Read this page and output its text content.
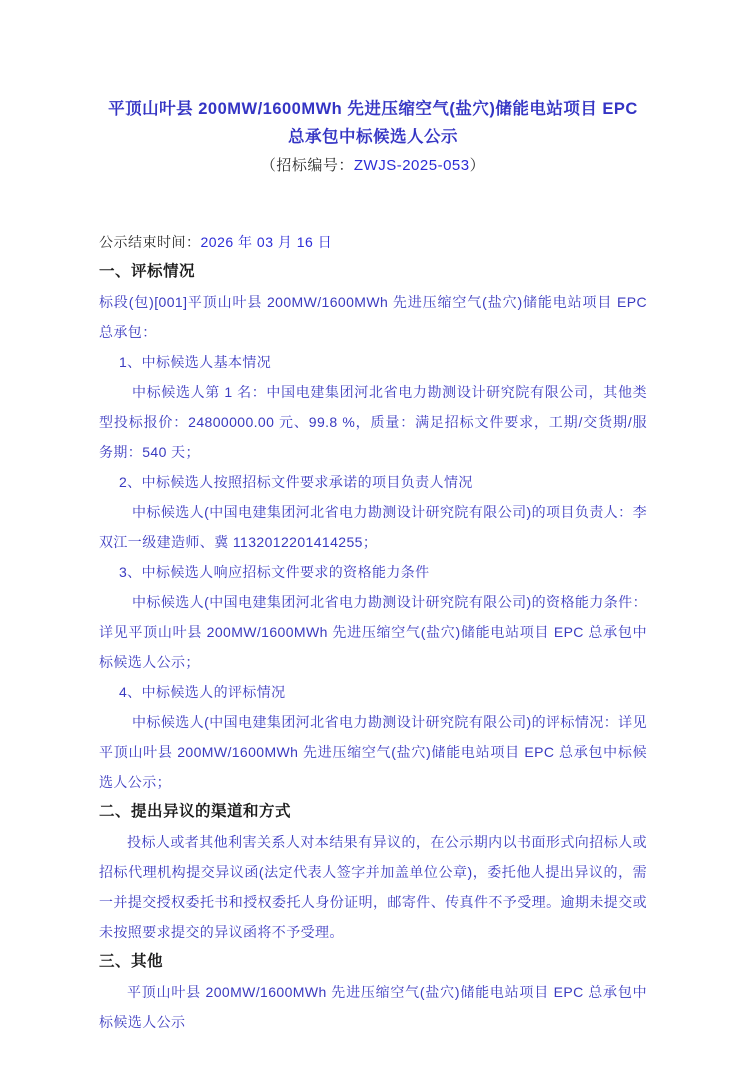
平顶山叶县 200MW/1600MWh 先进压缩空气(盐穴)储能电站项目 EPC 总承包中标候选人公示
（招标编号：ZWJS-2025-053）

公示结束时间：2026 年 03 月 16 日

一、评标情况

标段(包)[001]平顶山叶县 200MW/1600MWh 先进压缩空气(盐穴)储能电站项目 EPC 总承包：

1、中标候选人基本情况

中标候选人第 1 名：中国电建集团河北省电力勘测设计研究院有限公司，其他类型投标报价：24800000.00 元、99.8 %，质量：满足招标文件要求，工期/交货期/服务期：540 天；

2、中标候选人按照招标文件要求承诺的项目负责人情况

中标候选人(中国电建集团河北省电力勘测设计研究院有限公司)的项目负责人：李双江一级建造师、冀 1132012201414255；

3、中标候选人响应招标文件要求的资格能力条件

中标候选人(中国电建集团河北省电力勘测设计研究院有限公司)的资格能力条件：详见平顶山叶县 200MW/1600MWh 先进压缩空气(盐穴)储能电站项目 EPC 总承包中标候选人公示；

4、中标候选人的评标情况

中标候选人(中国电建集团河北省电力勘测设计研究院有限公司)的评标情况：详见平顶山叶县 200MW/1600MWh 先进压缩空气(盐穴)储能电站项目 EPC 总承包中标候选人公示；

二、提出异议的渠道和方式

投标人或者其他利害关系人对本结果有异议的，在公示期内以书面形式向招标人或招标代理机构提交异议函(法定代表人签字并加盖单位公章)，委托他人提出异议的，需一并提交授权委托书和授权委托人身份证明，邮寄件、传真件不予受理。逾期未提交或未按照要求提交的异议函将不予受理。

三、其他

平顶山叶县 200MW/1600MWh 先进压缩空气(盐穴)储能电站项目 EPC 总承包中标候选人公示
